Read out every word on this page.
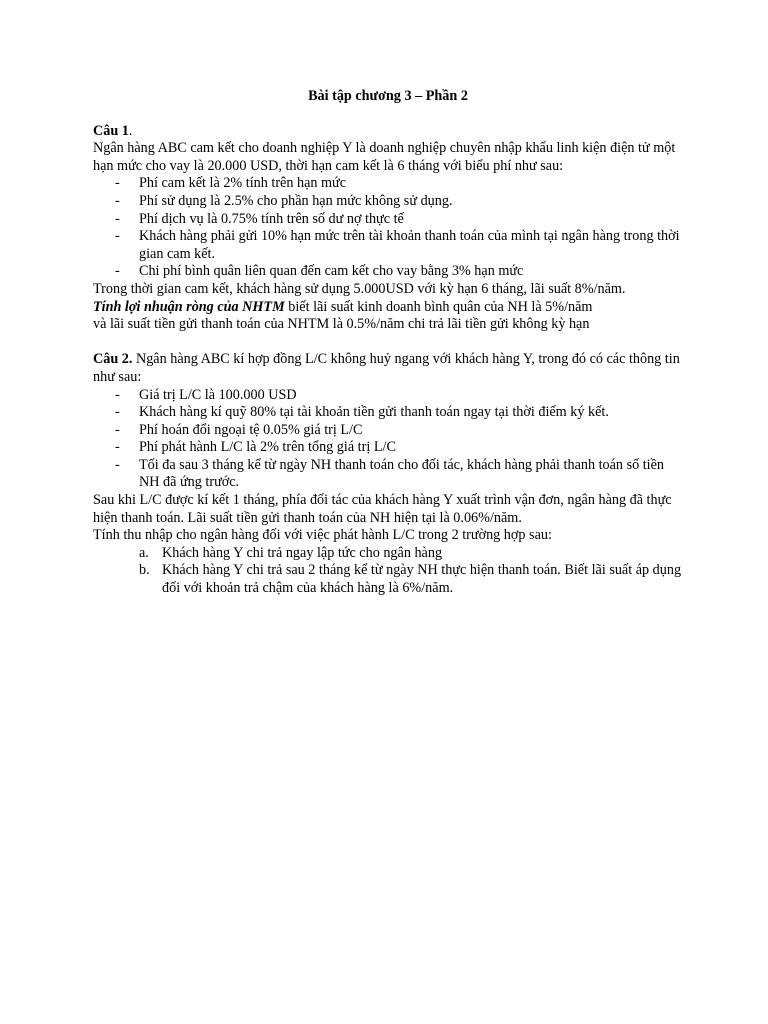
Bài tập chương 3 – Phần 2

Câu 1.

Ngân hàng ABC cam kết cho doanh nghiệp Y là doanh nghiệp chuyên nhập khẩu linh kiện điện tử một hạn mức cho vay là 20.000 USD, thời hạn cam kết là 6 tháng với biểu phí như sau:

- Phí cam kết là 2% tính trên hạn mức
- Phí sử dụng là 2.5% cho phần hạn mức không sử dụng.
- Phí dịch vụ là 0.75% tính trên số dư nợ thực tế
- Khách hàng phải gửi 10% hạn mức trên tài khoản thanh toán của mình tại ngân hàng trong thời gian cam kết.
- Chi phí bình quân liên quan đến cam kết cho vay bằng 3% hạn mức

Trong thời gian cam kết, khách hàng sử dụng 5.000USD với kỳ hạn 6 tháng, lãi suất 8%/năm.

Tính lợi nhuận ròng của NHTM biết lãi suất kinh doanh bình quân của NH là 5%/năm

và lãi suất tiền gửi thanh toán của NHTM là 0.5%/năm chi trả lãi tiền gửi không kỳ hạn

Câu 2. Ngân hàng ABC kí hợp đồng L/C không huỷ ngang với khách hàng Y, trong đó có các thông tin như sau:

- Giá trị L/C là 100.000 USD
- Khách hàng kí quỹ 80% tại tài khoản tiền gửi thanh toán ngay tại thời điểm ký kết.
- Phí hoán đổi ngoại tệ 0.05% giá trị L/C
- Phí phát hành L/C là 2% trên tổng giá trị L/C
- Tối đa sau 3 tháng kể từ ngày NH thanh toán cho đối tác, khách hàng phải thanh toán số tiền NH đã ứng trước.

Sau khi L/C được kí kết 1 tháng, phía đối tác của khách hàng Y xuất trình vận đơn, ngân hàng đã thực hiện thanh toán. Lãi suất tiền gửi thanh toán của NH hiện tại là 0.06%/năm.

Tính thu nhập cho ngân hàng đối với việc phát hành L/C trong 2 trường hợp sau:

a. Khách hàng Y chi trả ngay lập tức cho ngân hàng
b. Khách hàng Y chi trả sau 2 tháng kể từ ngày NH thực hiện thanh toán. Biết lãi suất áp dụng đối với khoản trả chậm của khách hàng là 6%/năm.
